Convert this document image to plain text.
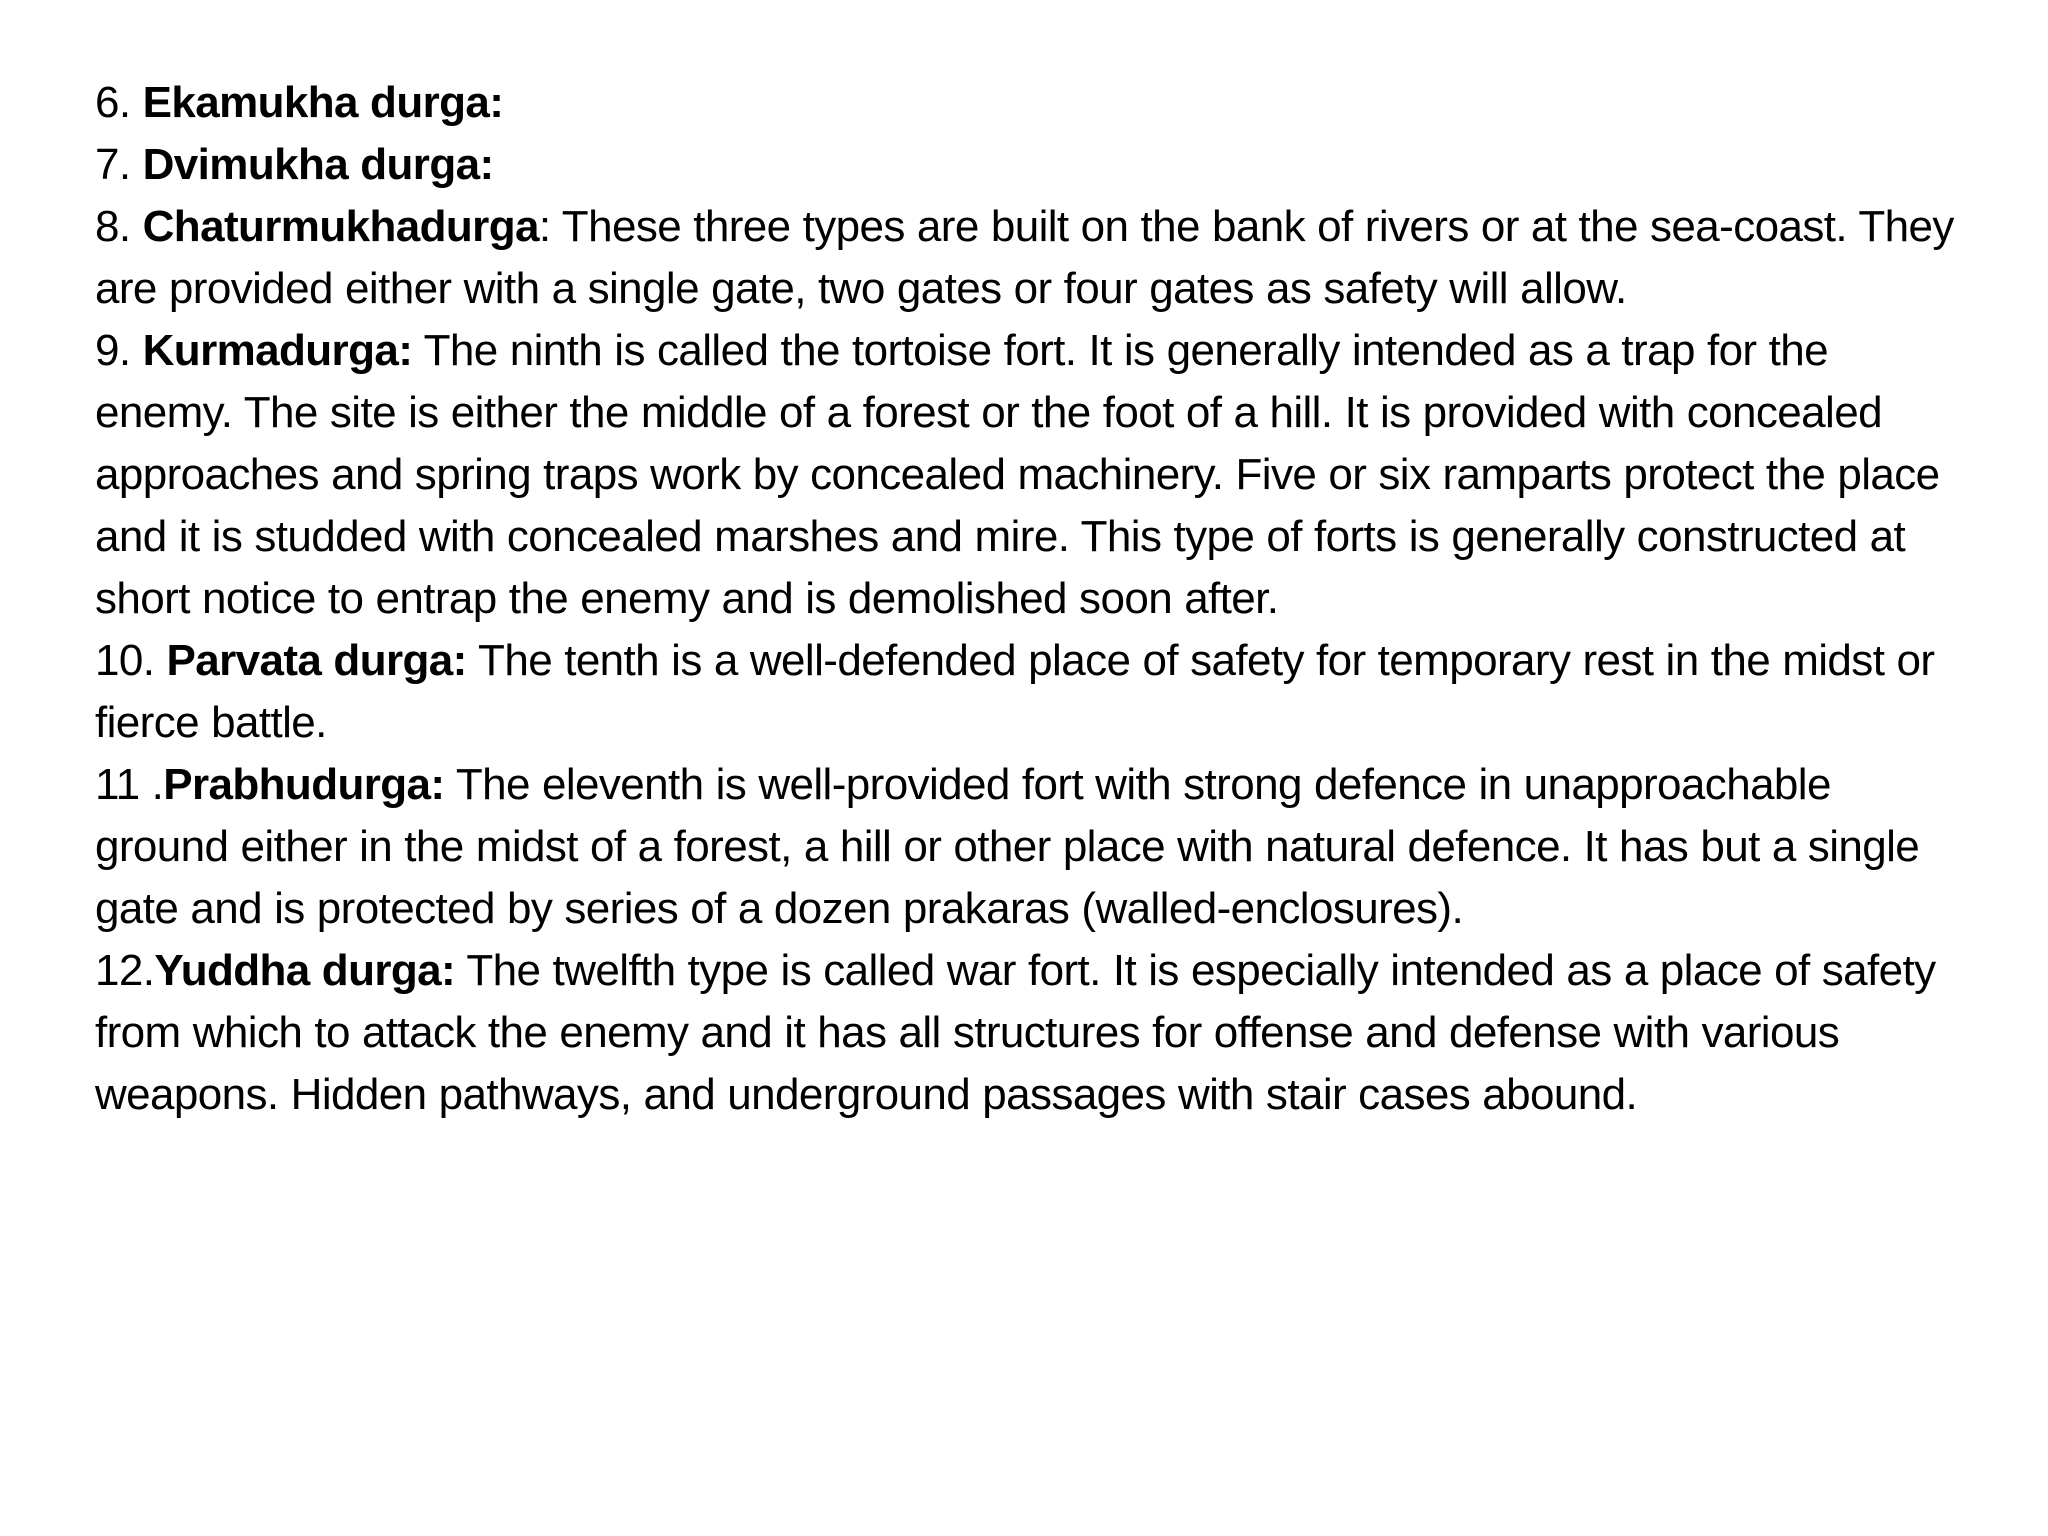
6. Ekamukha durga:

7. Dvimukha durga:

8. Chaturmukhadurga: These three types are built on the bank of rivers or at the sea-coast. They are provided either with a single gate, two gates or four gates as safety will allow.

9. Kurmadurga: The ninth is called the tortoise fort. It is generally intended as a trap for the enemy. The site is either the middle of a forest or the foot of a hill. It is provided with concealed approaches and spring traps work by concealed machinery. Five or six ramparts protect the place and it is studded with concealed marshes and mire. This type of forts is generally constructed at short notice to entrap the enemy and is demolished soon after.

10. Parvata durga: The tenth is a well-defended place of safety for temporary rest in the midst or fierce battle.

11 .Prabhudurga: The eleventh is well-provided fort with strong defence in unapproachable ground either in the midst of a forest, a hill or other place with natural defence. It has but a single gate and is protected by series of a dozen prakaras (walled-enclosures).

12.Yuddha durga: The twelfth type is called war fort. It is especially intended as a place of safety from which to attack the enemy and it has all structures for offense and defense with various weapons. Hidden pathways, and underground passages with stair cases abound.
